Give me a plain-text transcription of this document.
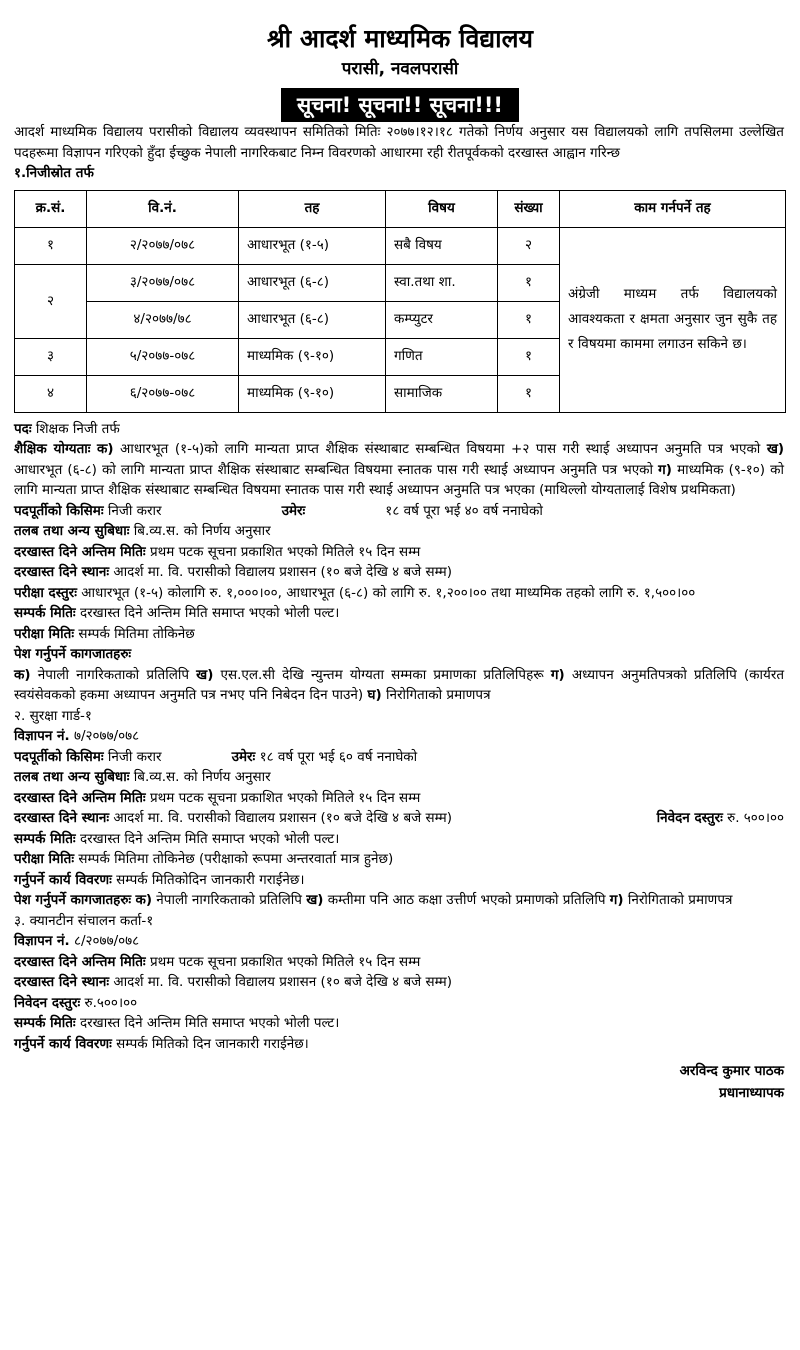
श्री आदर्श माध्यमिक विद्यालय
परासी, नवलपरासी
सूचना! सूचना!! सूचना!!!

आदर्श माध्यमिक विद्यालय परासीको विद्यालय व्यवस्थापन समितिको मितिः २०७७।१२।१८ गतेको निर्णय अनुसार यस विद्यालयको लागि तपसिलमा उल्लेखित पदहरूमा विज्ञापन गरिएको हुँदा ईच्छुक नेपाली नागरिकबाट निम्न विवरणको आधारमा रही रीतपूर्वकको दरखास्त आह्वान गरिन्छ

१.निजीस्रोत तर्फ

क्र.सं.	वि.नं.	तह	विषय	संख्या	काम गर्नपर्ने तह
१	२/२०७७/०७८	आधारभूत (१-५)	सबै विषय	२	अंग्रेजी माध्यम तर्फ विद्यालयको आवश्यकता र क्षमता अनुसार जुन सुकै तह र विषयमा काममा लगाउन सकिने छ।
२	३/२०७७/०७८	आधारभूत (६-८)	स्वा.तथा शा.	१	
	४/२०७७/७८	आधारभूत (६-८)	कम्प्युटर	१	
३	५/२०७७-०७८	माध्यमिक (९-१०)	गणित	१	
४	६/२०७७-०७८	माध्यमिक (९-१०)	सामाजिक	१	

पदः शिक्षक निजी तर्फ

शैक्षिक योग्यताः क) आधारभूत (१-५)को लागि मान्यता प्राप्त शैक्षिक संस्थाबाट सम्बन्धित विषयमा +२ पास गरी स्थाई अध्यापन अनुमति पत्र भएको ख) आधारभूत (६-८) को लागि मान्यता प्राप्त शैक्षिक संस्थाबाट सम्बन्धित विषयमा स्नातक पास गरी स्थाई अध्यापन अनुमति पत्र भएको ग) माध्यमिक (९-१०) को लागि मान्यता प्राप्त शैक्षिक संस्थाबाट सम्बन्धित विषयमा स्नातक पास गरी स्थाई अध्यापन अनुमति पत्र भएका (माथिल्लो योग्यतालाई विशेष प्रथमिकता)

पदपूर्तीको किसिमः निजी करार	उमेरः	१८ वर्ष पूरा भई ४० वर्ष ननाघेको

तलब तथा अन्य सुबिधाः बि.व्य.स. को निर्णय अनुसार

दरखास्त दिने अन्तिम मितिः प्रथम पटक सूचना प्रकाशित भएको मितिले १५ दिन सम्म

दरखास्त दिने स्थानः आदर्श मा. वि. परासीको विद्यालय प्रशासन (१० बजे देखि ४ बजे सम्म)

परीक्षा दस्तुरः आधारभूत (१-५) कोलागि रु. १,०००।००, आधारभूत (६-८) को लागि रु. १,२००।०० तथा माध्यमिक तहको लागि रु. १,५००।००

सम्पर्क मितिः दरखास्त दिने अन्तिम मिति समाप्त भएको भोली पल्ट।

परीक्षा मितिः सम्पर्क मितिमा तोकिनेछ

पेश गर्नुपर्ने कागजातहरुः

क) नेपाली नागरिकताको प्रतिलिपि ख) एस.एल.सी देखि न्युन्तम योग्यता सम्मका प्रमाणका प्रतिलिपिहरू ग) अध्यापन अनुमतिपत्रको प्रतिलिपि (कार्यरत स्वयंसेवकको हकमा अध्यापन अनुमति पत्र नभए पनि निबेदन दिन पाउने) घ) निरोगिताको प्रमाणपत्र

२. सुरक्षा गार्ड-१

विज्ञापन नं. ७/२०७७/०७८

पदपूर्तीको किसिमः निजी करार	उमेरः १८ वर्ष पूरा भई ६० वर्ष ननाघेको

तलब तथा अन्य सुबिधाः बि.व्य.स. को निर्णय अनुसार

दरखास्त दिने अन्तिम मितिः प्रथम पटक सूचना प्रकाशित भएको मितिले १५ दिन सम्म

निवेदन दस्तुरः रु. ५००।००
दरखास्त दिने स्थानः आदर्श मा. वि. परासीको विद्यालय प्रशासन (१० बजे देखि ४ बजे सम्म)

सम्पर्क मितिः दरखास्त दिने अन्तिम मिति समाप्त भएको भोली पल्ट।

परीक्षा मितिः सम्पर्क मितिमा तोकिनेछ (परीक्षाको रूपमा अन्तरवार्ता मात्र हुनेछ)

गर्नुपर्ने कार्य विवरणः सम्पर्क मितिकोदिन जानकारी गराईनेछ।

पेश गर्नुपर्ने कागजातहरुः क) नेपाली नागरिकताको प्रतिलिपि ख) कम्तीमा पनि आठ कक्षा उत्तीर्ण भएको प्रमाणको प्रतिलिपि ग) निरोगिताको प्रमाणपत्र

३. क्यानटीन संचालन कर्ता-१

विज्ञापन नं. ८/२०७७/०७८

दरखास्त दिने अन्तिम मितिः प्रथम पटक सूचना प्रकाशित भएको मितिले १५ दिन सम्म

दरखास्त दिने स्थानः आदर्श मा. वि. परासीको विद्यालय प्रशासन (१० बजे देखि ४ बजे सम्म)

निवेदन दस्तुरः रु.५००।००

सम्पर्क मितिः दरखास्त दिने अन्तिम मिति समाप्त भएको भोली पल्ट।

गर्नुपर्ने कार्य विवरणः सम्पर्क मितिको दिन जानकारी गराईनेछ।

अरविन्द कुमार पाठक
प्रधानाध्यापक
